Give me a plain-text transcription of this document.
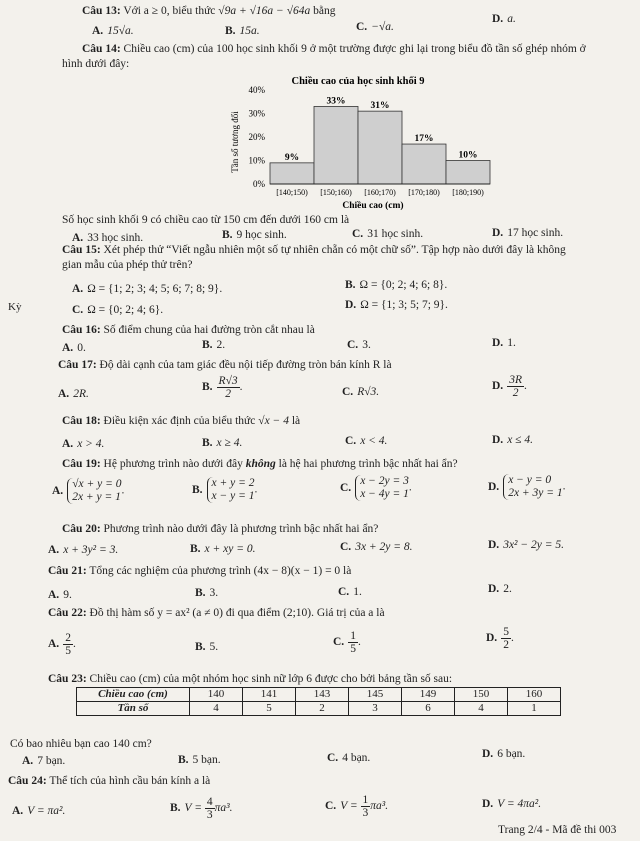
Câu 13: Với a ≥ 0, biểu thức √9a + √16a − √64a bằng
A. 15√a.	B. 15a.	C. −√a.
D. a.
Câu 14: Chiều cao (cm) của 100 học sinh khối 9 ở một trường được ghi lại trong biểu đồ tần số ghép nhóm ở
hình dưới đây:
Chiều cao của học sinh khối 9
Tần số tương đối
0%
10%
20%
30%
40%
9%
33%	31%
17%
10%
[140;150) [150;160) [160;170) [170;180) [180;190)
Chiều cao (cm)
Số học sinh khối 9 có chiều cao từ 150 cm đến dưới 160 cm là
A. 33 học sinh.	B. 9 học sinh.	C. 31 học sinh.	D. 17 học sinh.
Câu 15: Xét phép thử “Viết ngẫu nhiên một số tự nhiên chẵn có một chữ số”. Tập hợp nào dưới đây là không
gian mẫu của phép thử trên?
A. Ω = {1; 2; 3; 4; 5; 6; 7; 8; 9}.	B. Ω = {0; 2; 4; 6; 8}.
C. Ω = {0; 2; 4; 6}.	D. Ω = {1; 3; 5; 7; 9}.
Kỳ
Câu 16: Số điểm chung của hai đường tròn cắt nhau là
A. 0.	B. 2.	C. 3.	D. 1.
Câu 17: Độ dài cạnh của tam giác đều nội tiếp đường tròn bán kính R là
A. 2R.
B. $\frac{R√3}{2}$ .	C. R√3.	D. $\frac{3R}{2}$ .
Câu 18: Điều kiện xác định của biểu thức √x − 4 là
A. x > 4.	B. x ≥ 4.	C. x < 4.	D. x ≤ 4.
Câu 19: Hệ phương trình nào dưới đây không là hệ hai phương trình bậc nhất hai ẩn?
A.
√x + y = 0
2x + y = 1
.	B.
x + y = 2
x − y = 1
.	C.
x − 2y = 3
x − 4y = 1
.	D.
x − y = 0
2x + 3y = 1
.
Câu 20: Phương trình nào dưới đây là phương trình bậc nhất hai ẩn?
A. x + 3y² = 3.	B. x + xy = 0.	C. 3x + 2y = 8.	D. 3x² − 2y = 5.
Câu 21: Tổng các nghiệm của phương trình (4x − 8)(x − 1) = 0 là
A. 9.	B. 3.	C. 1.	D. 2.
Câu 22: Đồ thị hàm số y = ax² (a ≠ 0) đi qua điểm (2;10). Giá trị của a là
A. $\frac{2}{5}$ .	B. 5.	C. $\frac{1}{5}$ .	D. $\frac{5}{2}$ .
Câu 23: Chiều cao (cm) của một nhóm học sinh nữ lớp 6 được cho bởi bảng tần số sau:
Chiều cao (cm)	140	141	143	145	149	150	160
Tần số	4	5	2	3	6	4	1
Có bao nhiêu bạn cao 140 cm?
A. 7 bạn.	B. 5 bạn.	C. 4 bạn.	D. 6 bạn.
Câu 24: Thể tích của hình cầu bán kính a là
A. V = πa².	B. $V = \frac{4}{3} \pi a^3$.	C. $V = \frac{1}{3} \pi a^3$.	D. V = 4πa².
Trang 2/4 - Mã đề thi 003
